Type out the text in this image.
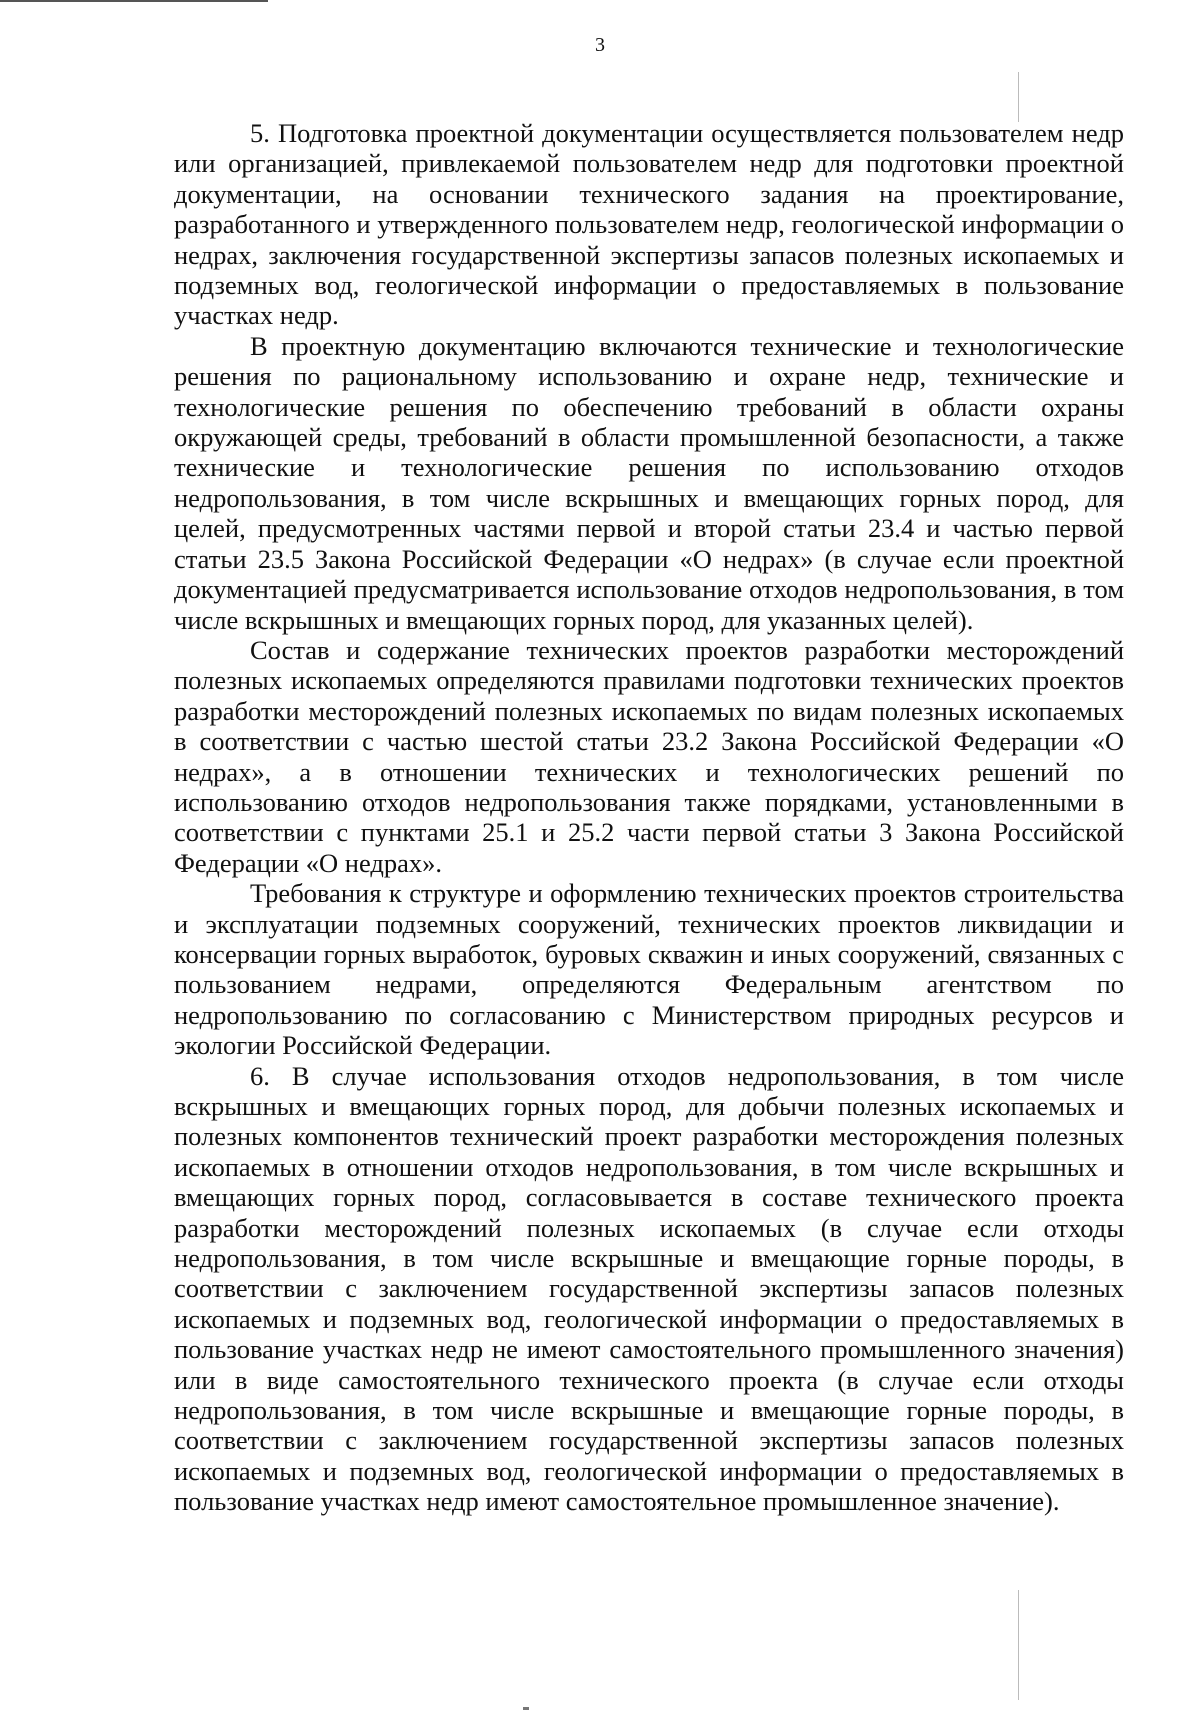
3

5. Подготовка проектной документации осуществляется пользователем недр или организацией, привлекаемой пользователем недр для подготовки проектной документации, на основании технического задания на проектирование, разработанного и утвержденного пользователем недр, геологической информации о недрах, заключения государственной экспертизы запасов полезных ископаемых и подземных вод, геологической информации о предоставляемых в пользование участках недр.

В проектную документацию включаются технические и технологические решения по рациональному использованию и охране недр, технические и технологические решения по обеспечению требований в области охраны окружающей среды, требований в области промышленной безопасности, а также технические и технологические решения по использованию отходов недропользования, в том числе вскрышных и вмещающих горных пород, для целей, предусмотренных частями первой и второй статьи 23.4 и частью первой статьи 23.5 Закона Российской Федерации «О недрах» (в случае если проектной документацией предусматривается использование отходов недропользования, в том числе вскрышных и вмещающих горных пород, для указанных целей).

Состав и содержание технических проектов разработки месторождений полезных ископаемых определяются правилами подготовки технических проектов разработки месторождений полезных ископаемых по видам полезных ископаемых в соответствии с частью шестой статьи 23.2 Закона Российской Федерации «О недрах», а в отношении технических и технологических решений по использованию отходов недропользования также порядками, установленными в соответствии с пунктами 25.1 и 25.2 части первой статьи 3 Закона Российской Федерации «О недрах».

Требования к структуре и оформлению технических проектов строительства и эксплуатации подземных сооружений, технических проектов ликвидации и консервации горных выработок, буровых скважин и иных сооружений, связанных с пользованием недрами, определяются Федеральным агентством по недропользованию по согласованию с Министерством природных ресурсов и экологии Российской Федерации.

6. В случае использования отходов недропользования, в том числе вскрышных и вмещающих горных пород, для добычи полезных ископаемых и полезных компонентов технический проект разработки месторождения полезных ископаемых в отношении отходов недропользования, в том числе вскрышных и вмещающих горных пород, согласовывается в составе технического проекта разработки месторождений полезных ископаемых (в случае если отходы недропользования, в том числе вскрышные и вмещающие горные породы, в соответствии с заключением государственной экспертизы запасов полезных ископаемых и подземных вод, геологической информации о предоставляемых в пользование участках недр не имеют самостоятельного промышленного значения) или в виде самостоятельного технического проекта (в случае если отходы недропользования, в том числе вскрышные и вмещающие горные породы, в соответствии с заключением государственной экспертизы запасов полезных ископаемых и подземных вод, геологической информации о предоставляемых в пользование участках недр имеют самостоятельное промышленное значение).
